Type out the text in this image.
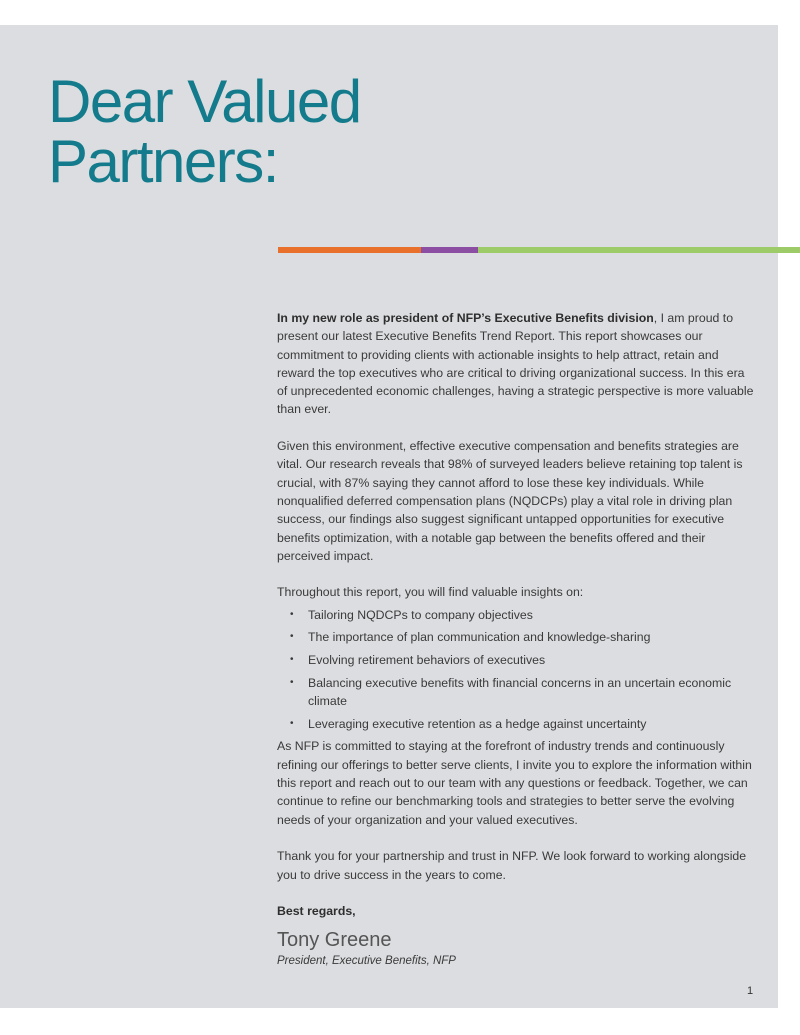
Dear Valued
Partners:

In my new role as president of NFP’s Executive Benefits division, I am proud to present our latest Executive Benefits Trend Report. This report showcases our commitment to providing clients with actionable insights to help attract, retain and reward the top executives who are critical to driving organizational success. In this era of unprecedented economic challenges, having a strategic perspective is more valuable than ever.

Given this environment, effective executive compensation and benefits strategies are vital. Our research reveals that 98% of surveyed leaders believe retaining top talent is crucial, with 87% saying they cannot afford to lose these key individuals. While nonqualified deferred compensation plans (NQDCPs) play a vital role in driving plan success, our findings also suggest significant untapped opportunities for executive benefits optimization, with a notable gap between the benefits offered and their perceived impact.

Throughout this report, you will find valuable insights on:

• Tailoring NQDCPs to company objectives
• The importance of plan communication and knowledge-sharing
• Evolving retirement behaviors of executives
• Balancing executive benefits with financial concerns in an uncertain economic climate
• Leveraging executive retention as a hedge against uncertainty

As NFP is committed to staying at the forefront of industry trends and continuously refining our offerings to better serve clients, I invite you to explore the information within this report and reach out to our team with any questions or feedback. Together, we can continue to refine our benchmarking tools and strategies to better serve the evolving needs of your organization and your valued executives.

Thank you for your partnership and trust in NFP. We look forward to working alongside you to drive success in the years to come.

Best regards,

Tony Greene

President, Executive Benefits, NFP

1
